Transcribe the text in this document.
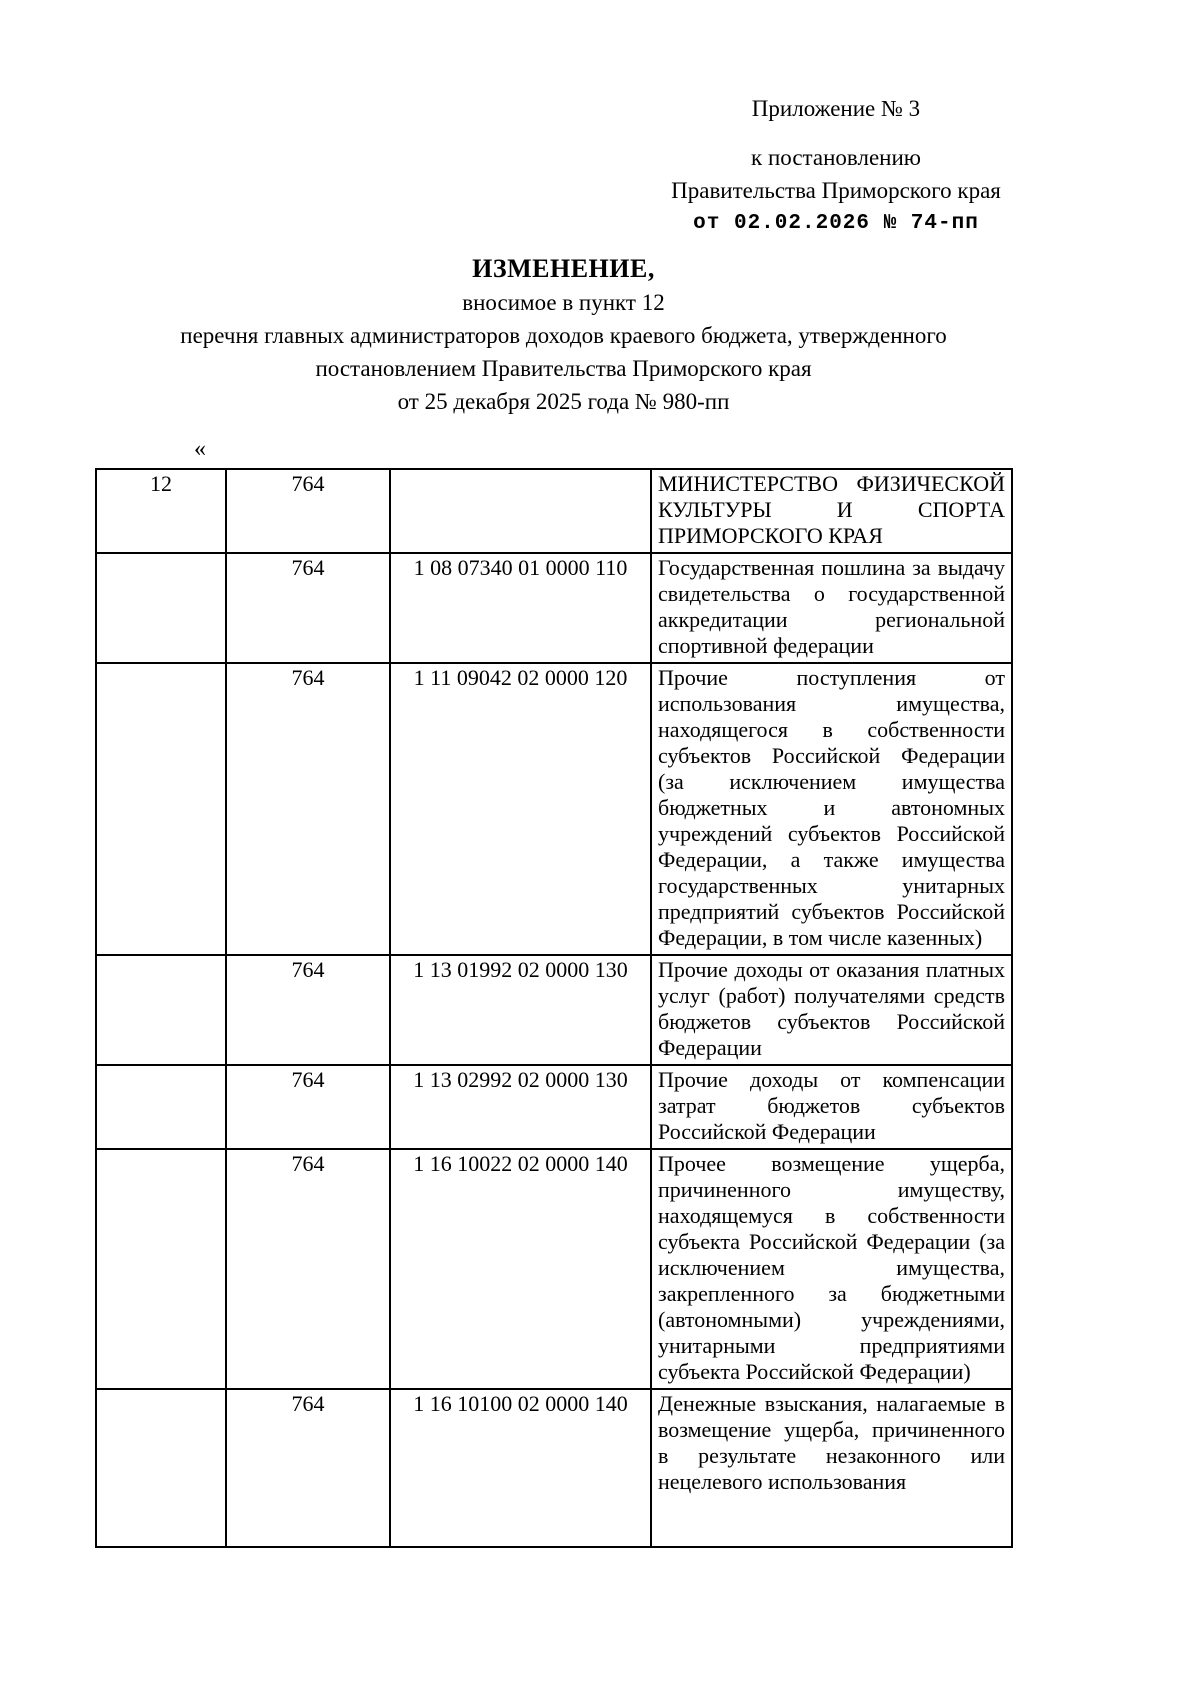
Приложение № 3
к постановлению
Правительства Приморского края
от 02.02.2026 № 74-пп
ИЗМЕНЕНИЕ,
вносимое в пункт 12
перечня главных администраторов доходов краевого бюджета, утвержденного
постановлением Правительства Приморского края
от 25 декабря 2025 года № 980-пп
«
12	764		МИНИСТЕРСТВО ФИЗИЧЕСКОЙ КУЛЬТУРЫ И СПОРТА ПРИМОРСКОГО КРАЯ
	764	1 08 07340 01 0000 110	Государственная пошлина за выдачу свидетельства о государственной аккредитации региональной спортивной федерации
	764	1 11 09042 02 0000 120	Прочие поступления от использования имущества, находящегося в собственности субъектов Российской Федерации (за исключением имущества бюджетных и автономных учреждений субъектов Российской Федерации, а также имущества государственных унитарных предприятий субъектов Российской Федерации, в том числе казенных)
	764	1 13 01992 02 0000 130	Прочие доходы от оказания платных услуг (работ) получателями средств бюджетов субъектов Российской Федерации
	764	1 13 02992 02 0000 130	Прочие доходы от компенсации затрат бюджетов субъектов Российской Федерации
	764	1 16 10022 02 0000 140	Прочее возмещение ущерба, причиненного имуществу, находящемуся в собственности субъекта Российской Федерации (за исключением имущества, закрепленного за бюджетными (автономными) учреждениями, унитарными предприятиями субъекта Российской Федерации)
	764	1 16 10100 02 0000 140	Денежные взыскания, налагаемые в возмещение ущерба, причиненного в результате незаконного или нецелевого использования
